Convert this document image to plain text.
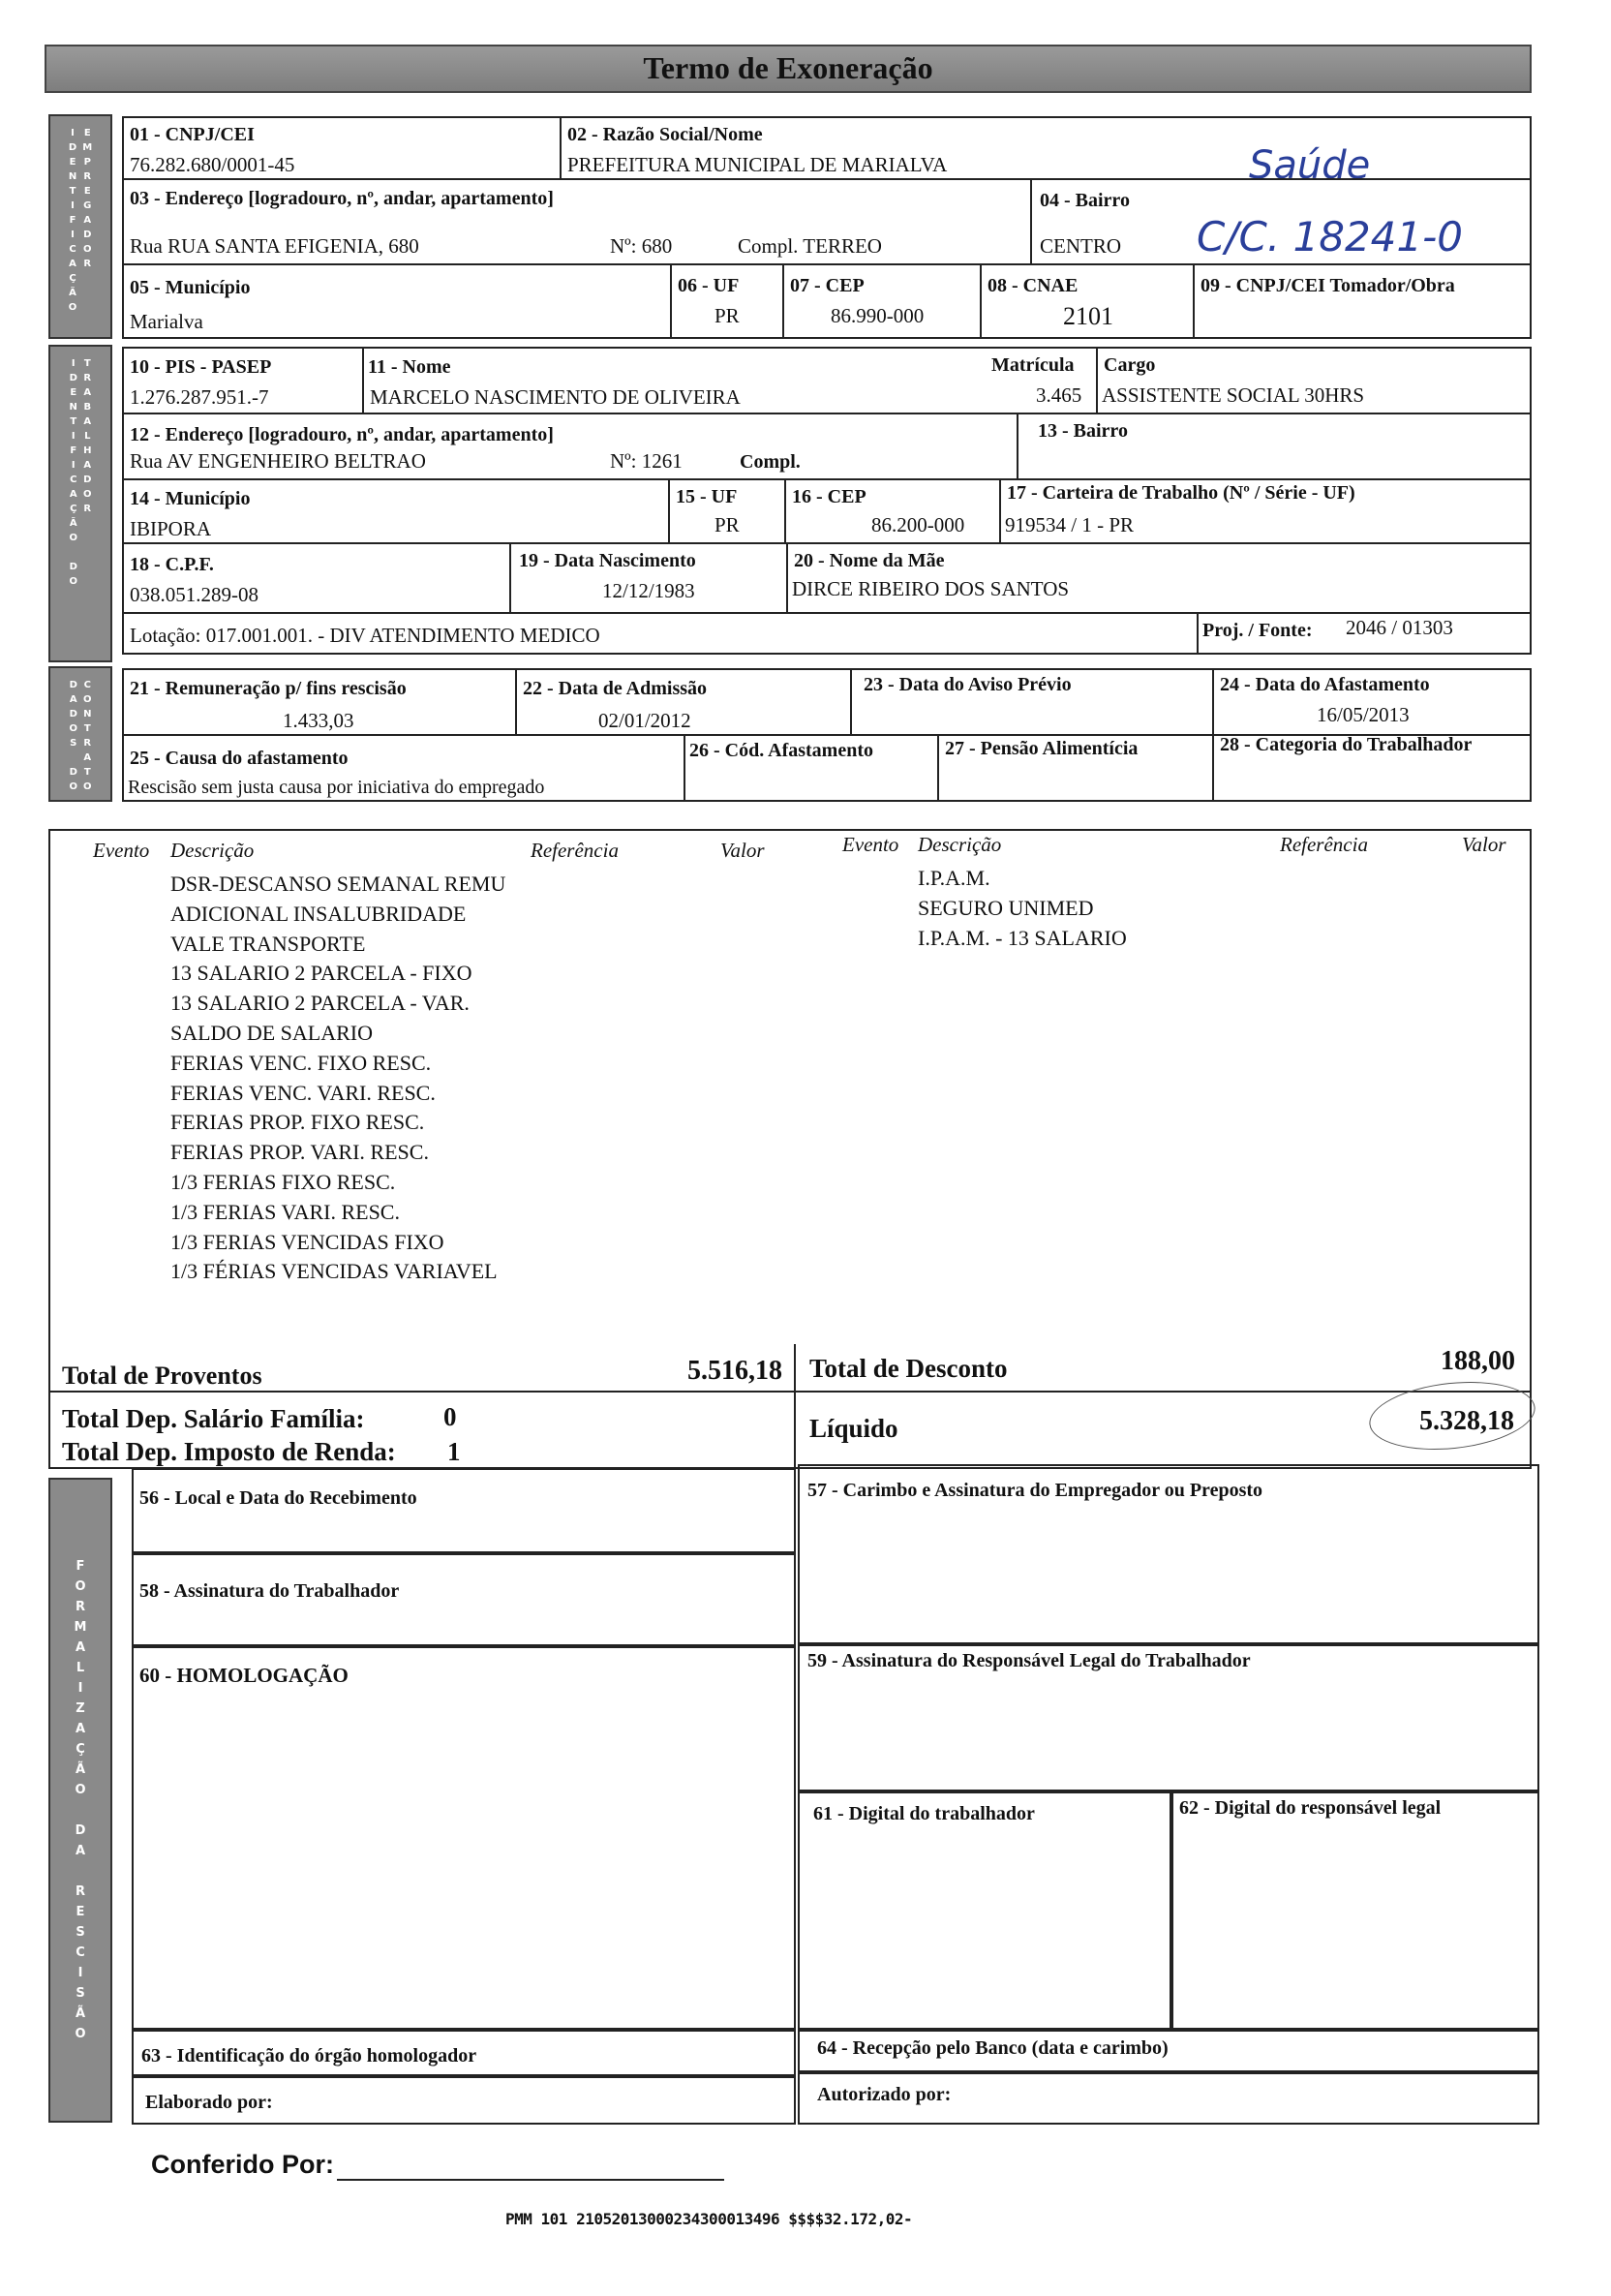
Termo de Exoneração
Saúde
C/C. 18241-0
I
D
E
N
T
I
F
I
C
A
Ç
Ã
O
E
M
P
R
E
G
A
D
O
R
01 - CNPJ/CEI
76.282.680/0001-45
02 - Razão Social/Nome
PREFEITURA MUNICIPAL DE MARIALVA
03 - Endereço [logradouro, nº, andar, apartamento]
Rua RUA SANTA EFIGENIA, 680	Nº: 680	Compl. TERREO
04 - Bairro
CENTRO
05 - Município
Marialva
06 - UF
PR
07 - CEP
86.990-000
08 - CNAE
2101
09 - CNPJ/CEI Tomador/Obra
I
D
E
N
T
I
F
I
C
A
Ç
Ã
O

D
O
T
R
A
B
A
L
H
A
D
O
R
10 - PIS - PASEP
1.276.287.951.-7
11 - Nome
MARCELO NASCIMENTO DE OLIVEIRA
Matrícula
3.465
Cargo
ASSISTENTE SOCIAL 30HRS
12 - Endereço [logradouro, nº, andar, apartamento]
Rua AV ENGENHEIRO BELTRAO	Nº: 1261	Compl.
13 - Bairro
14 - Município
IBIPORA
15 - UF
PR
16 - CEP
86.200-000
17 - Carteira de Trabalho (Nº / Série - UF)
919534 / 1 - PR
18 - C.P.F.
038.051.289-08
19 - Data Nascimento
12/12/1983
20 - Nome da Mãe
DIRCE RIBEIRO DOS SANTOS
Lotação: 017.001.001. - DIV ATENDIMENTO MEDICO	Proj. / Fonte: 2046 / 01303
D
A
D
O
S

D
O
C
O
N
T
R
A
T
O
21 - Remuneração p/ fins rescisão
1.433,03
22 - Data de Admissão
02/01/2012
23 - Data do Aviso Prévio	24 - Data do Afastamento
16/05/2013
25 - Causa do afastamento
Rescisão sem justa causa por iniciativa do empregado
26 - Cód. Afastamento	27 - Pensão Alimentícia	28 - Categoria do Trabalhador
Evento Descrição	Referência	Valor
DSR-DESCANSO SEMANAL REMU
ADICIONAL INSALUBRIDADE
VALE TRANSPORTE
13 SALARIO 2 PARCELA - FIXO
13 SALARIO 2 PARCELA - VAR.
SALDO DE SALARIO
FERIAS VENC. FIXO RESC.
FERIAS VENC. VARI. RESC.
FERIAS PROP. FIXO RESC.
FERIAS PROP. VARI. RESC.
1/3 FERIAS FIXO RESC.
1/3 FERIAS VARI. RESC.
1/3 FERIAS VENCIDAS FIXO
1/3 FÉRIAS VENCIDAS VARIAVEL
Evento Descrição	Referência	Valor
I.P.A.M.
SEGURO UNIMED
I.P.A.M. - 13 SALARIO
Total de Proventos	5.516,18 Total de Desconto	188,00
Total Dep. Salário Família:	0
Total Dep. Imposto de Renda: 1
Líquido	5.328,18
F
O
R
M
A
L
I
Z
A
Ç
Ã
O

D
A

R
E
S
C
I
S
Ã
O
56 - Local e Data do Recebimento	57 - Carimbo e Assinatura do Empregador ou Preposto
58 - Assinatura do Trabalhador
59 - Assinatura do Responsável Legal do Trabalhador
60 - HOMOLOGAÇÃO
61 - Digital do trabalhador	62 - Digital do responsável legal
63 - Identificação do órgão homologador	64 - Recepção pelo Banco (data e carimbo)
Elaborado por:	Autorizado por:
Conferido Por:
PMM 101 21052013000234300013496 $$$$32.172,02-
